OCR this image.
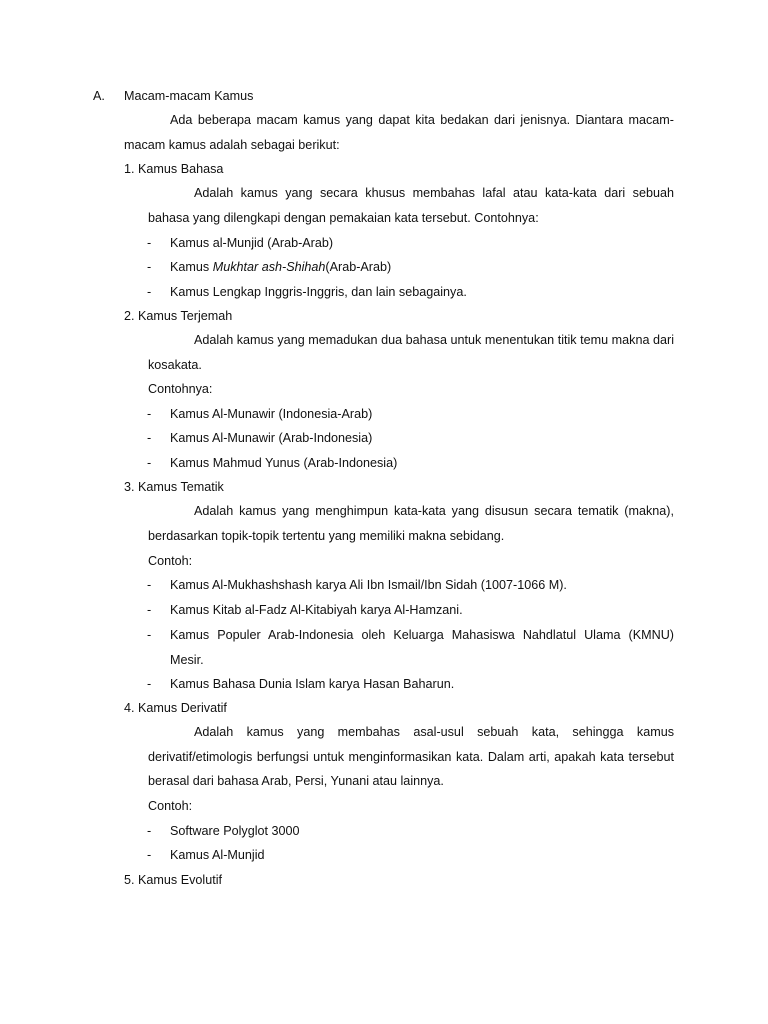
A. Macam-macam Kamus
Ada beberapa macam kamus yang dapat kita bedakan dari jenisnya. Diantara macam-macam kamus adalah sebagai berikut:
1. Kamus Bahasa
Adalah kamus yang secara khusus membahas lafal atau kata-kata dari sebuah bahasa yang dilengkapi dengan pemakaian kata tersebut. Contohnya:
- Kamus al-Munjid (Arab-Arab)
- Kamus Mukhtar ash-Shihah(Arab-Arab)
- Kamus Lengkap Inggris-Inggris, dan lain sebagainya.
2. Kamus Terjemah
Adalah kamus yang memadukan dua bahasa untuk menentukan titik temu makna dari kosakata.
Contohnya:
- Kamus Al-Munawir (Indonesia-Arab)
- Kamus Al-Munawir (Arab-Indonesia)
- Kamus Mahmud Yunus (Arab-Indonesia)
3. Kamus Tematik
Adalah kamus yang menghimpun kata-kata yang disusun secara tematik (makna), berdasarkan topik-topik tertentu yang memiliki makna sebidang.
Contoh:
- Kamus Al-Mukhashshash karya Ali Ibn Ismail/Ibn Sidah (1007-1066 M).
- Kamus Kitab al-Fadz Al-Kitabiyah karya Al-Hamzani.
- Kamus Populer Arab-Indonesia oleh Keluarga Mahasiswa Nahdlatul Ulama (KMNU) Mesir.
- Kamus Bahasa Dunia Islam karya Hasan Baharun.
4. Kamus Derivatif
Adalah kamus yang membahas asal-usul sebuah kata, sehingga kamus derivatif/etimologis berfungsi untuk menginformasikan kata. Dalam arti, apakah kata tersebut berasal dari bahasa Arab, Persi, Yunani atau lainnya.
Contoh:
- Software Polyglot 3000
- Kamus Al-Munjid
5. Kamus Evolutif
